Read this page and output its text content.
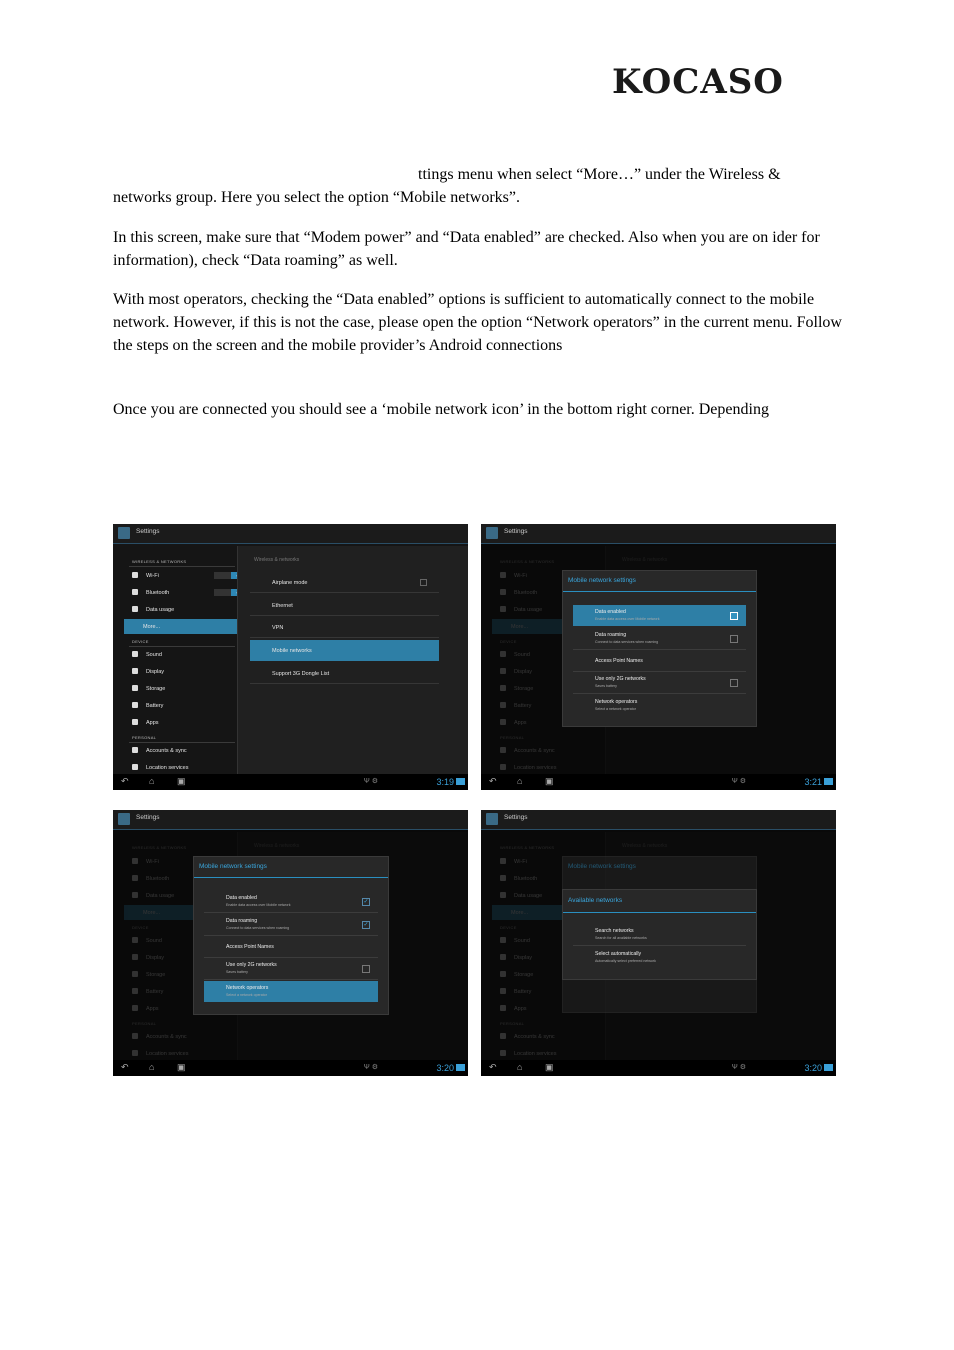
KOCASO

ttings menu when select “More…” under the Wireless & networks group. Here you select the option “Mobile networks”.

In this screen, make sure that “Modem power” and “Data enabled” are checked. Also when you are on ider for information), check “Data roaming” as well.

With most operators, checking the “Data enabled” options is sufficient to automatically connect to the mobile network. However, if this is not the case, please open the option “Network operators” in the current menu. Follow the steps on the screen and the mobile provider’s Android connections

Once you are connected you should see a ‘mobile network icon’ in the bottom right corner. Depending

Settings
WIRELESS & NETWORKS
Wi-Fi
Bluetooth
Data usage
More...
DEVICE
Sound
Display
Storage
Battery
Apps
PERSONAL
Accounts & sync
Location services
Wireless & networks
Airplane mode
Ethernet
VPN
Mobile networks
Support 3G Dongle List
↶ ⌂	▣	Ψ ⚙	3:19
Settings
Mobile network settings
Data enabled
Enable data access over Mobile network
Data roaming
Connect to data services when roaming
Access Point Names
Use only 2G networks
Saves battery
Network operators
Select a network operator
↶ ⌂	▣	Ψ ⚙	3:21
Settings
Mobile network settings
Data enabled
Enable data access over Mobile network	✓
Data roaming
Connect to data services when roaming	✓
Access Point Names
Use only 2G networks
Saves battery
Network operators
Select a network operator
↶ ⌂	▣	Ψ ⚙	3:20
Settings
Mobile network settings
Available networks
Search networks
Search for all available networks
Select automatically
Automatically select preferred network
↶ ⌂	▣	Ψ ⚙	3:20
